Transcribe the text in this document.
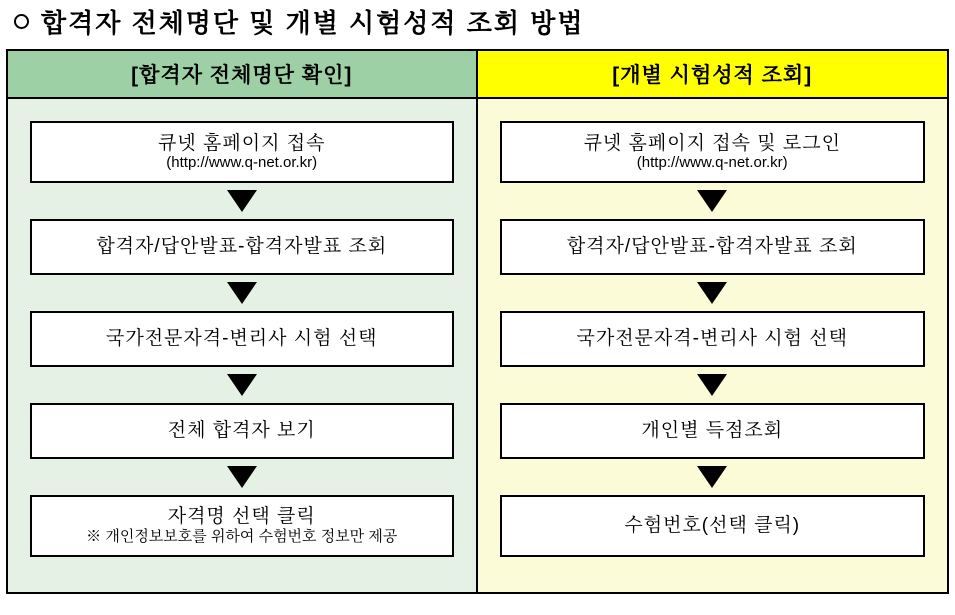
합격자 전체명단 및 개별 시험성적 조회 방법
[합격자 전체명단 확인]
큐넷 홈페이지 접속
(http://www.q-net.or.kr)
합격자/답안발표-합격자발표 조회
국가전문자격-변리사 시험 선택
전체 합격자 보기
자격명 선택 클릭
※ 개인정보보호를 위하여 수험번호 정보만 제공
[개별 시험성적 조회]
큐넷 홈페이지 접속 및 로그인
(http://www.q-net.or.kr)
합격자/답안발표-합격자발표 조회
국가전문자격-변리사 시험 선택
개인별 득점조회
수험번호(선택 클릭)
